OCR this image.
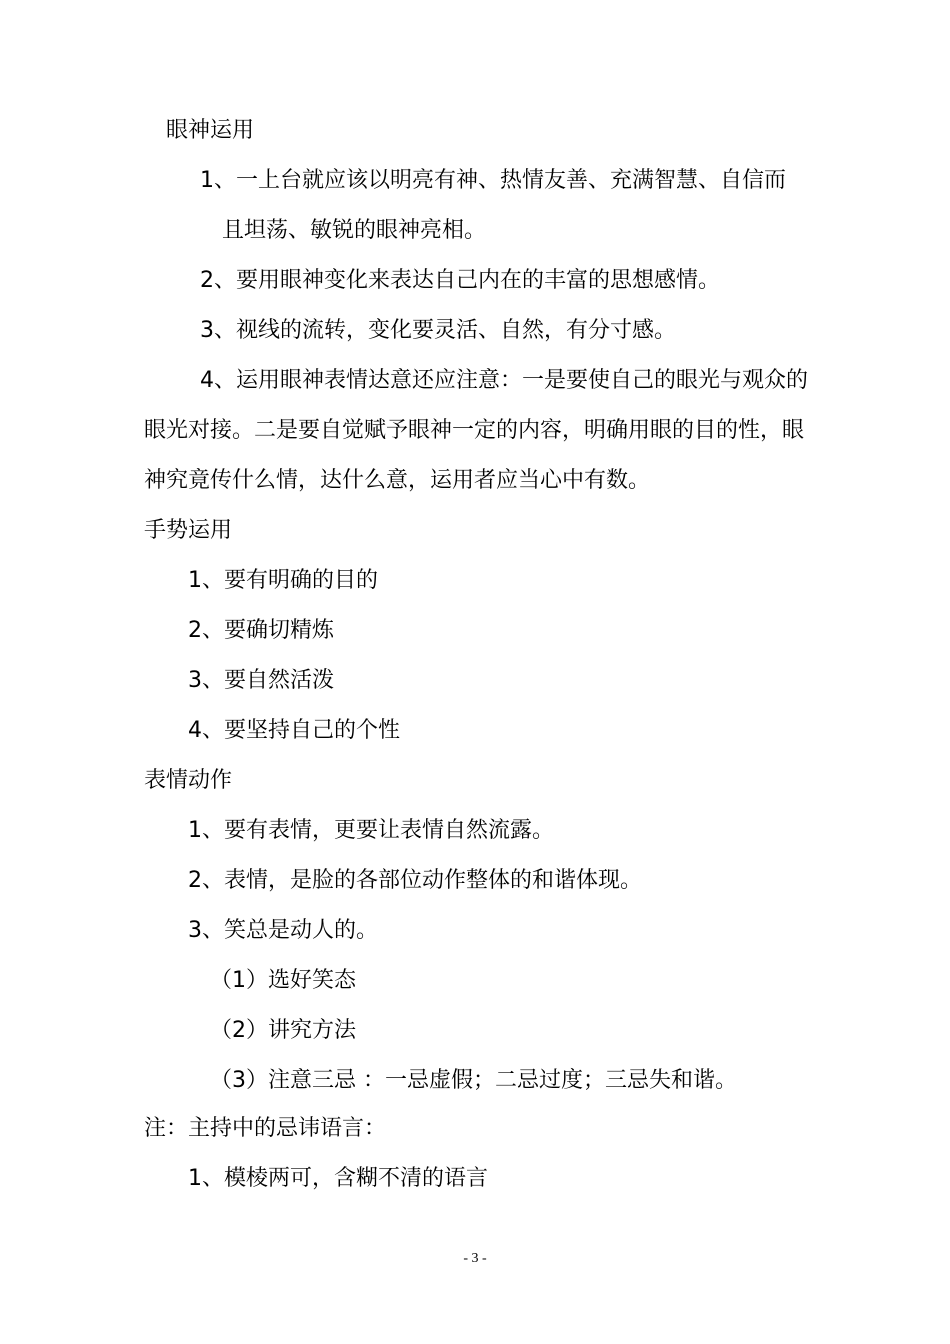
眼神运用
1、一上台就应该以明亮有神、热情友善、充满智慧、自信而
且坦荡、敏锐的眼神亮相。
2、要用眼神变化来表达自己内在的丰富的思想感情。
3、视线的流转，变化要灵活、自然，有分寸感。
4、运用眼神表情达意还应注意：一是要使自己的眼光与观众的
眼光对接。二是要自觉赋予眼神一定的内容，明确用眼的目的性，眼
神究竟传什么情，达什么意，运用者应当心中有数。
手势运用
1、要有明确的目的
2、要确切精炼
3、要自然活泼
4、要坚持自己的个性
表情动作
1、要有表情，更要让表情自然流露。
2、表情，是脸的各部位动作整体的和谐体现。
3、笑总是动人的。
（1）选好笑态
（2）讲究方法
（3）注意三忌 ：一忌虚假；二忌过度；三忌失和谐。
注：主持中的忌讳语言：
1、模棱两可，含糊不清的语言
- 3 -
